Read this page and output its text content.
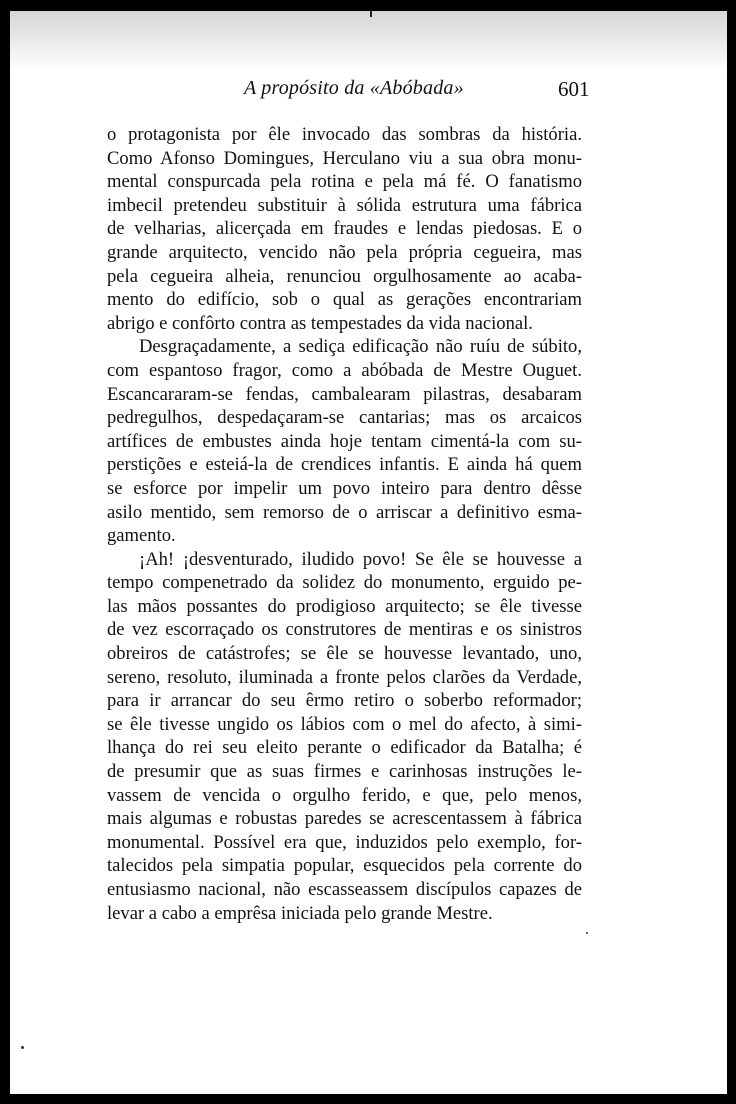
A propósito da «Abóbada»	601
o protagonista por êle invocado das sombras da história.
Como Afonso Domingues, Herculano viu a sua obra monu-
mental conspurcada pela rotina e pela má fé. O fanatismo
imbecil pretendeu substituir à sólida estrutura uma fábrica
de velharias, alicerçada em fraudes e lendas piedosas. E o
grande arquitecto, vencido não pela própria cegueira, mas
pela cegueira alheia, renunciou orgulhosamente ao acaba-
mento do edifício, sob o qual as gerações encontrariam
abrigo e confôrto contra as tempestades da vida nacional.
Desgraçadamente, a sediça edificação não ruíu de súbito,
com espantoso fragor, como a abóbada de Mestre Ouguet.
Escancararam-se fendas, cambalearam pilastras, desabaram
pedregulhos, despedaçaram-se cantarias; mas os arcaicos
artífices de embustes ainda hoje tentam cimentá-la com su-
perstições e esteiá-la de crendices infantis. E ainda há quem
se esforce por impelir um povo inteiro para dentro dêsse
asilo mentido, sem remorso de o arriscar a definitivo esma-
gamento.
¡Ah! ¡desventurado, iludido povo! Se êle se houvesse a
tempo compenetrado da solidez do monumento, erguido pe-
las mãos possantes do prodigioso arquitecto; se êle tivesse
de vez escorraçado os construtores de mentiras e os sinistros
obreiros de catástrofes; se êle se houvesse levantado, uno,
sereno, resoluto, iluminada a fronte pelos clarões da Verdade,
para ir arrancar do seu êrmo retiro o soberbo reformador;
se êle tivesse ungido os lábios com o mel do afecto, à simi-
lhança do rei seu eleito perante o edificador da Batalha; é
de presumir que as suas firmes e carinhosas instruções le-
vassem de vencida o orgulho ferido, e que, pelo menos,
mais algumas e robustas paredes se acrescentassem à fábrica
monumental. Possível era que, induzidos pelo exemplo, for-
talecidos pela simpatia popular, esquecidos pela corrente do
entusiasmo nacional, não escasseassem discípulos capazes de
levar a cabo a emprêsa iniciada pelo grande Mestre.
